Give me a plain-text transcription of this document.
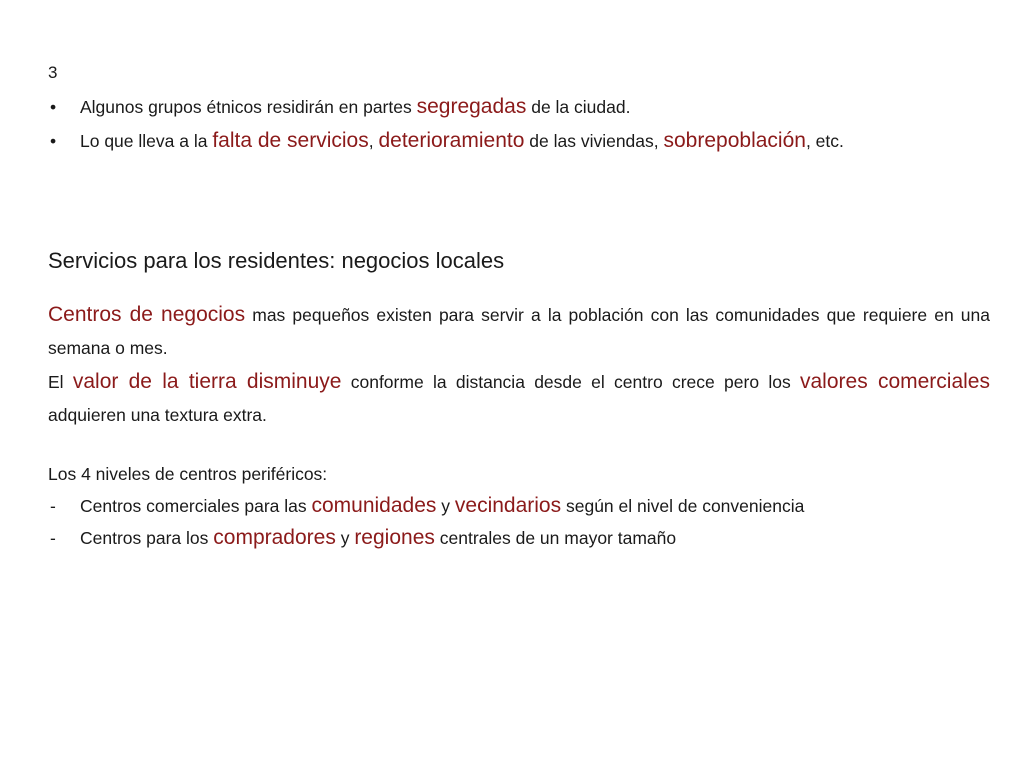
3
• Algunos grupos étnicos residirán en partes segregadas de la ciudad.
• Lo que lleva a la falta de servicios, deterioramiento de las viviendas, sobrepoblación, etc.
Servicios para los residentes: negocios locales

Centros de negocios mas pequeños existen para servir a la población con las comunidades que requiere en una semana o mes.

El valor de la tierra disminuye conforme la distancia desde el centro crece pero los valores comerciales adquieren una textura extra.

Los 4 niveles de centros periféricos:
- Centros comerciales para las comunidades y vecindarios según el nivel de conveniencia
- Centros para los compradores y regiones centrales de un mayor tamaño
